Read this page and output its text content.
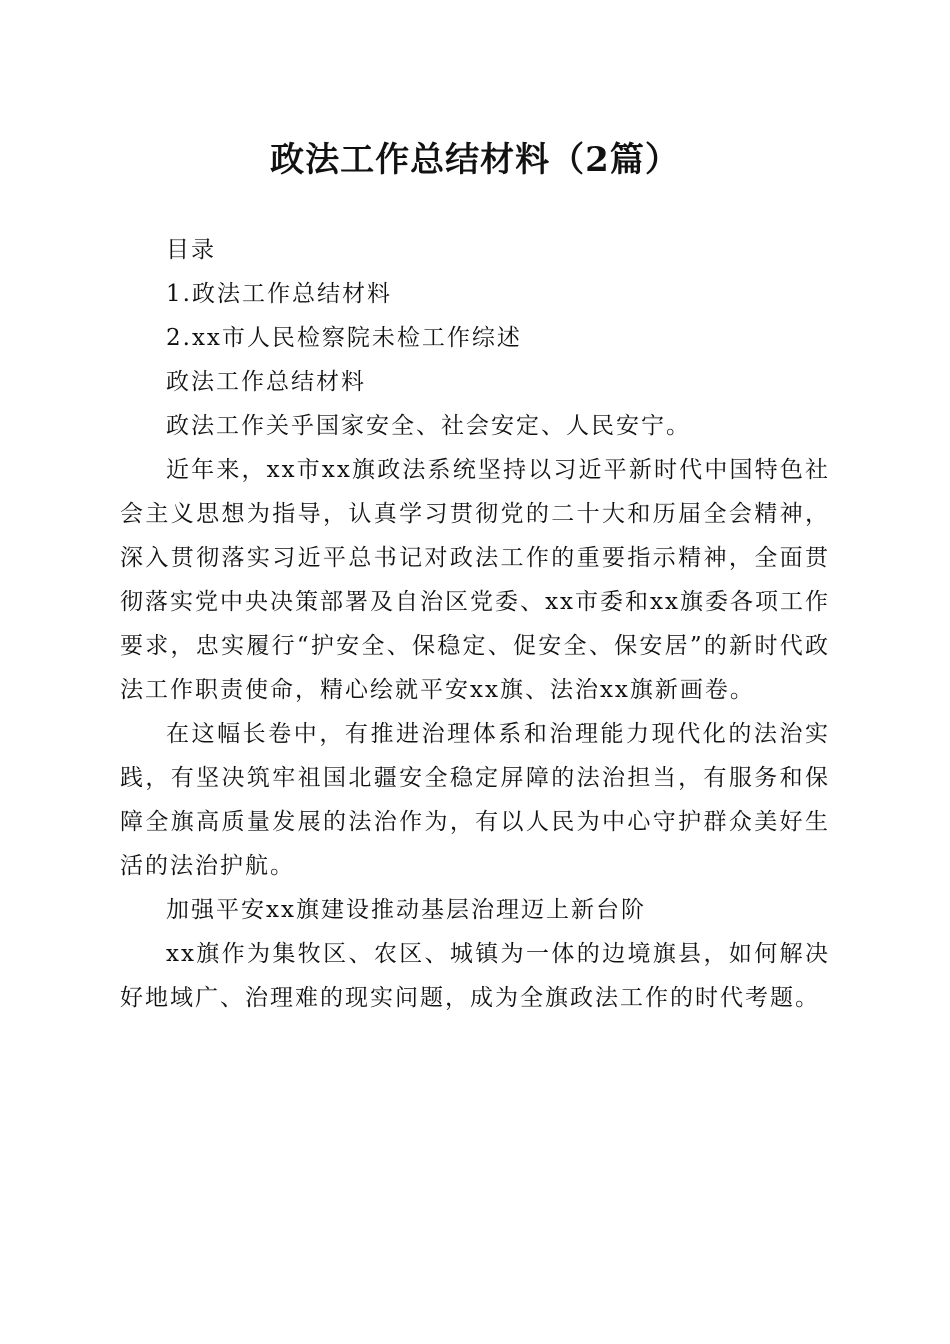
政法工作总结材料（2篇）

目录

1.政法工作总结材料

2.xx市人民检察院未检工作综述

政法工作总结材料

政法工作关乎国家安全、社会安定、人民安宁。

近年来，xx市xx旗政法系统坚持以习近平新时代中国特色社会主义思想为指导，认真学习贯彻党的二十大和历届全会精神，深入贯彻落实习近平总书记对政法工作的重要指示精神，全面贯彻落实党中央决策部署及自治区党委、xx市委和xx旗委各项工作要求，忠实履行“护安全、保稳定、促安全、保安居”的新时代政法工作职责使命，精心绘就平安xx旗、法治xx旗新画卷。

在这幅长卷中，有推进治理体系和治理能力现代化的法治实践，有坚决筑牢祖国北疆安全稳定屏障的法治担当，有服务和保障全旗高质量发展的法治作为，有以人民为中心守护群众美好生活的法治护航。

加强平安xx旗建设推动基层治理迈上新台阶

xx旗作为集牧区、农区、城镇为一体的边境旗县，如何解决好地域广、治理难的现实问题，成为全旗政法工作的时代考题。
